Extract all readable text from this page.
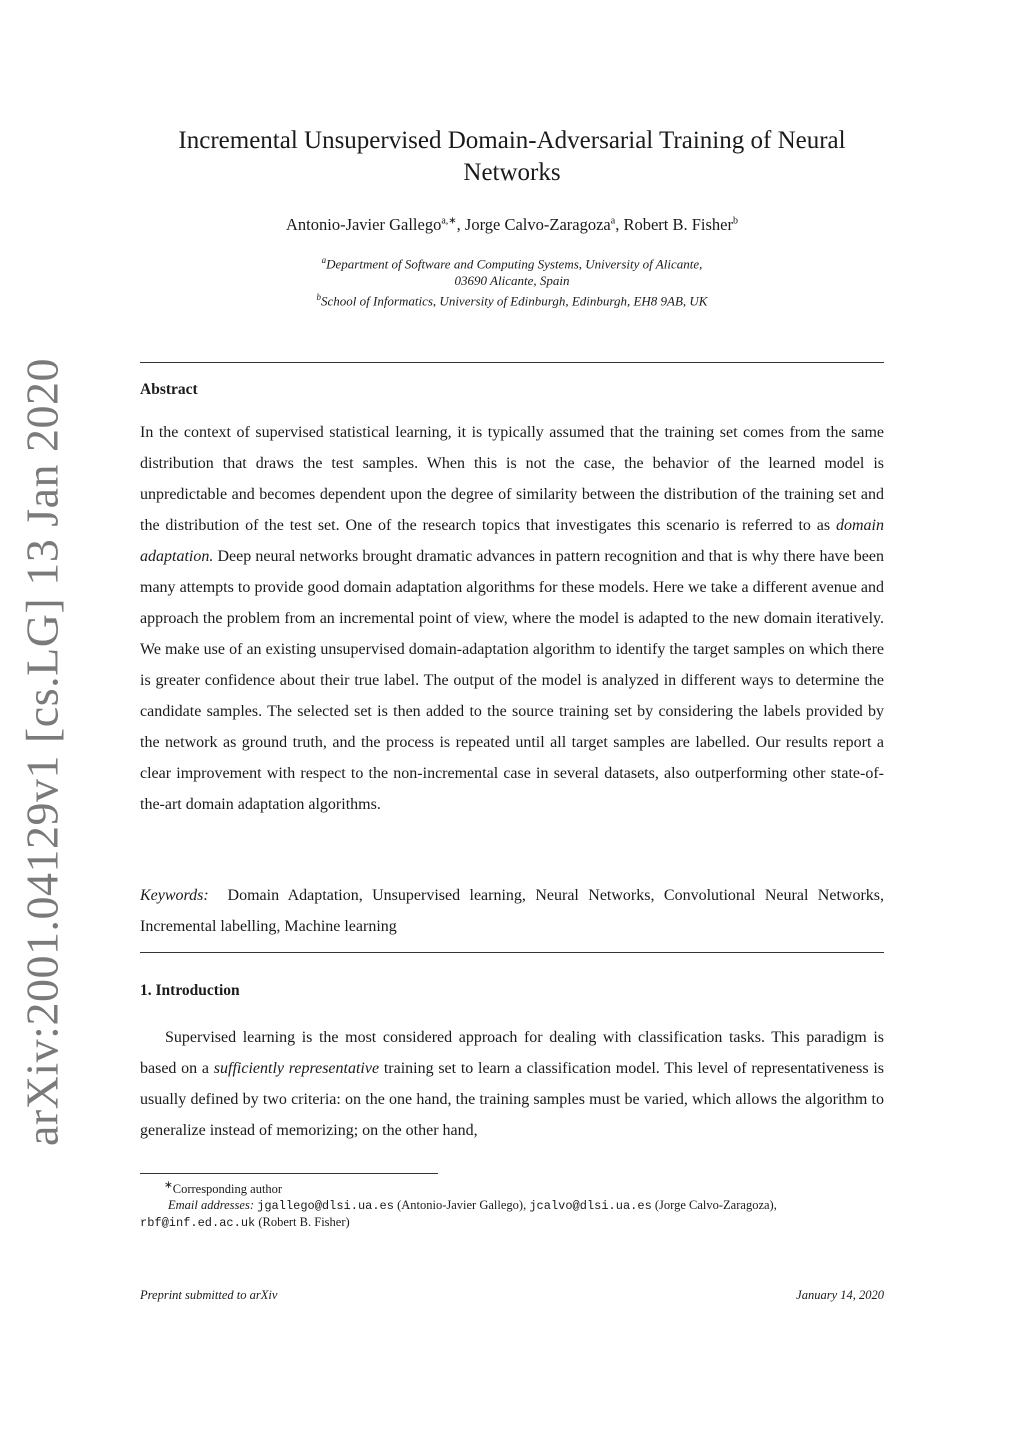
arXiv:2001.04129v1 [cs.LG] 13 Jan 2020
Incremental Unsupervised Domain-Adversarial Training of Neural Networks
Antonio-Javier Gallego$^{a,∗}$, Jorge Calvo-Zaragoza$^a$, Robert B. Fisher$^b$
$^a$Department of Software and Computing Systems, University of Alicante,
03690 Alicante, Spain
$^b$School of Informatics, University of Edinburgh, Edinburgh, EH8 9AB, UK
Abstract
In the context of supervised statistical learning, it is typically assumed that the training set comes from the same distribution that draws the test samples. When this is not the case, the behavior of the learned model is unpredictable and becomes dependent upon the degree of similarity between the distribution of the training set and the distribution of the test set. One of the research topics that investigates this scenario is referred to as domain adaptation. Deep neural networks brought dramatic advances in pattern recognition and that is why there have been many attempts to provide good domain adaptation algorithms for these models. Here we take a different avenue and approach the problem from an incremental point of view, where the model is adapted to the new domain iteratively. We make use of an existing unsupervised domain-adaptation algorithm to identify the target samples on which there is greater confidence about their true label. The output of the model is analyzed in different ways to determine the candidate samples. The selected set is then added to the source training set by considering the labels provided by the network as ground truth, and the process is repeated until all target samples are labelled. Our results report a clear improvement with respect to the non-incremental case in several datasets, also outperforming other state-of-the-art domain adaptation algorithms.
Keywords: Domain Adaptation, Unsupervised learning, Neural Networks, Convolutional Neural Networks, Incremental labelling, Machine learning
1. Introduction
Supervised learning is the most considered approach for dealing with classification tasks. This paradigm is based on a sufficiently representative training set to learn a classification model. This level of representativeness is usually defined by two criteria: on the one hand, the training samples must be varied, which allows the algorithm to generalize instead of memorizing; on the other hand,
∗Corresponding author
Email addresses: jgallego@dlsi.ua.es (Antonio-Javier Gallego), jcalvo@dlsi.ua.es (Jorge Calvo-Zaragoza),
rbf@inf.ed.ac.uk (Robert B. Fisher)
Preprint submitted to arXiv	January 14, 2020
